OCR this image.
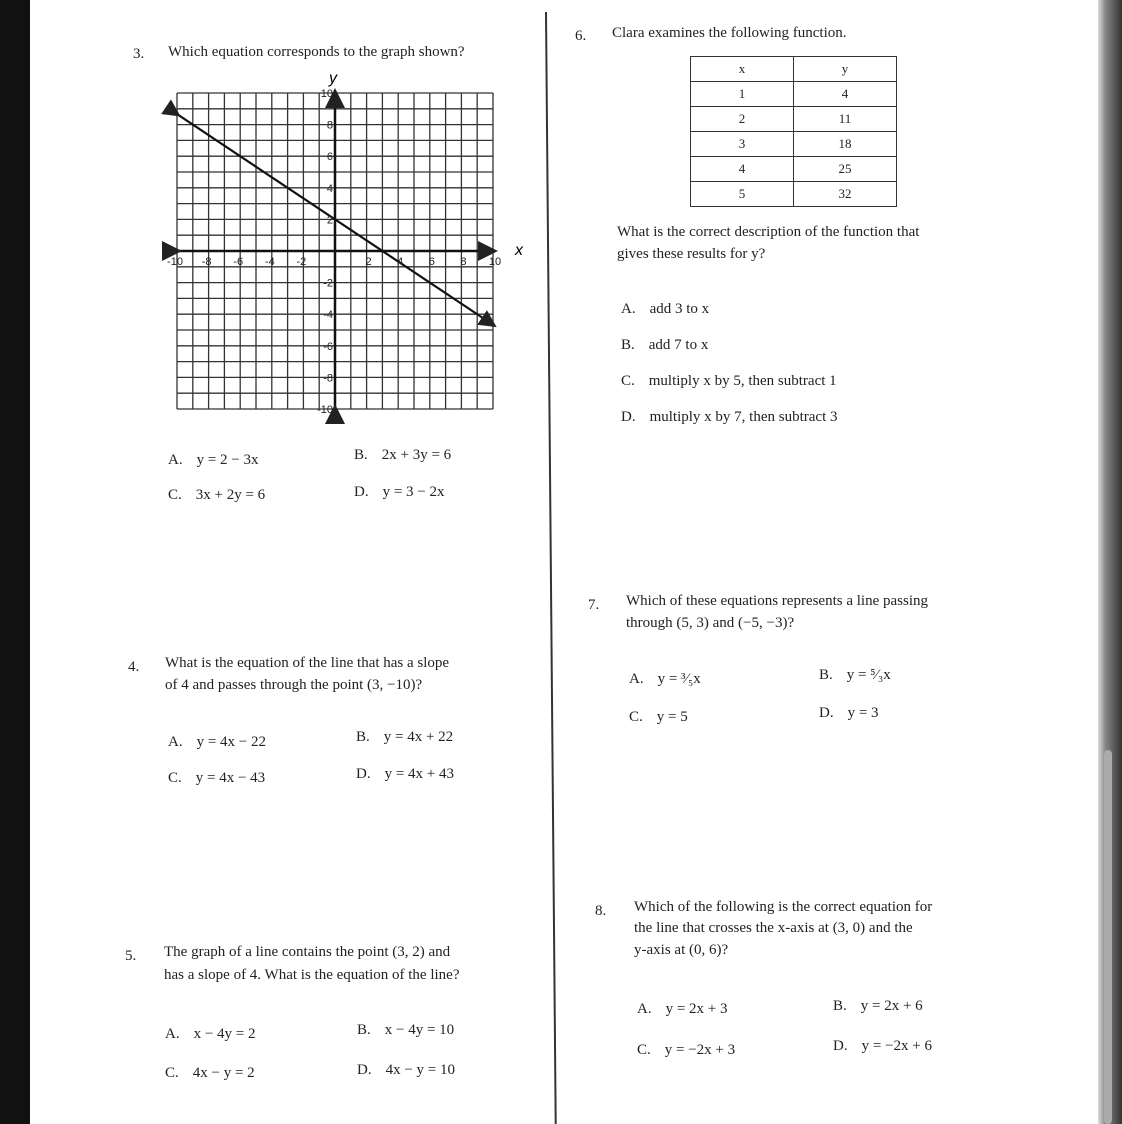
3. Which equation corresponds to the graph shown?
-10 -8 -6 -4 -2	2 4 6 8 10
10
8
6
4
2
-2
-4
-6
-8
-10
x
y
4. What is the equation of the line that has a slope
of 4 and passes through the point (3, −10)?
5. The graph of a line contains the point (3, 2) and
has a slope of 4. What is the equation of the line?
6. Clara examines the following function.
x	y
1	4
2	11
3	18
4	25
5	32
What is the correct description of the function that
gives these results for y?
7. Which of these equations represents a line passing
through (5, 3) and (−5, −3)?
8. Which of the following is the correct equation for
the line that crosses the x-axis at (3, 0) and the
y-axis at (0, 6)?
A. y = 2 − 3x	B. 2x + 3y = 6
C. 3x + 2y = 6	D. y = 3 − 2x
A. y = 4x − 22	B. y = 4x + 22
C. y = 4x − 43	D. y = 4x + 43
A. x − 4y = 2	B. x − 4y = 10
C. 4x − y = 2	D. 4x − y = 10
A. add 3 to x
B. add 7 to x
C. multiply x by 5, then subtract 1
D. multiply x by 7, then subtract 3
A. y = ³⁄₅x	B. y = ⁵⁄₃x
C. y = 5	D. y = 3
A. y = 2x + 3	B. y = 2x + 6
C. y = −2x + 3	D. y = −2x + 6
